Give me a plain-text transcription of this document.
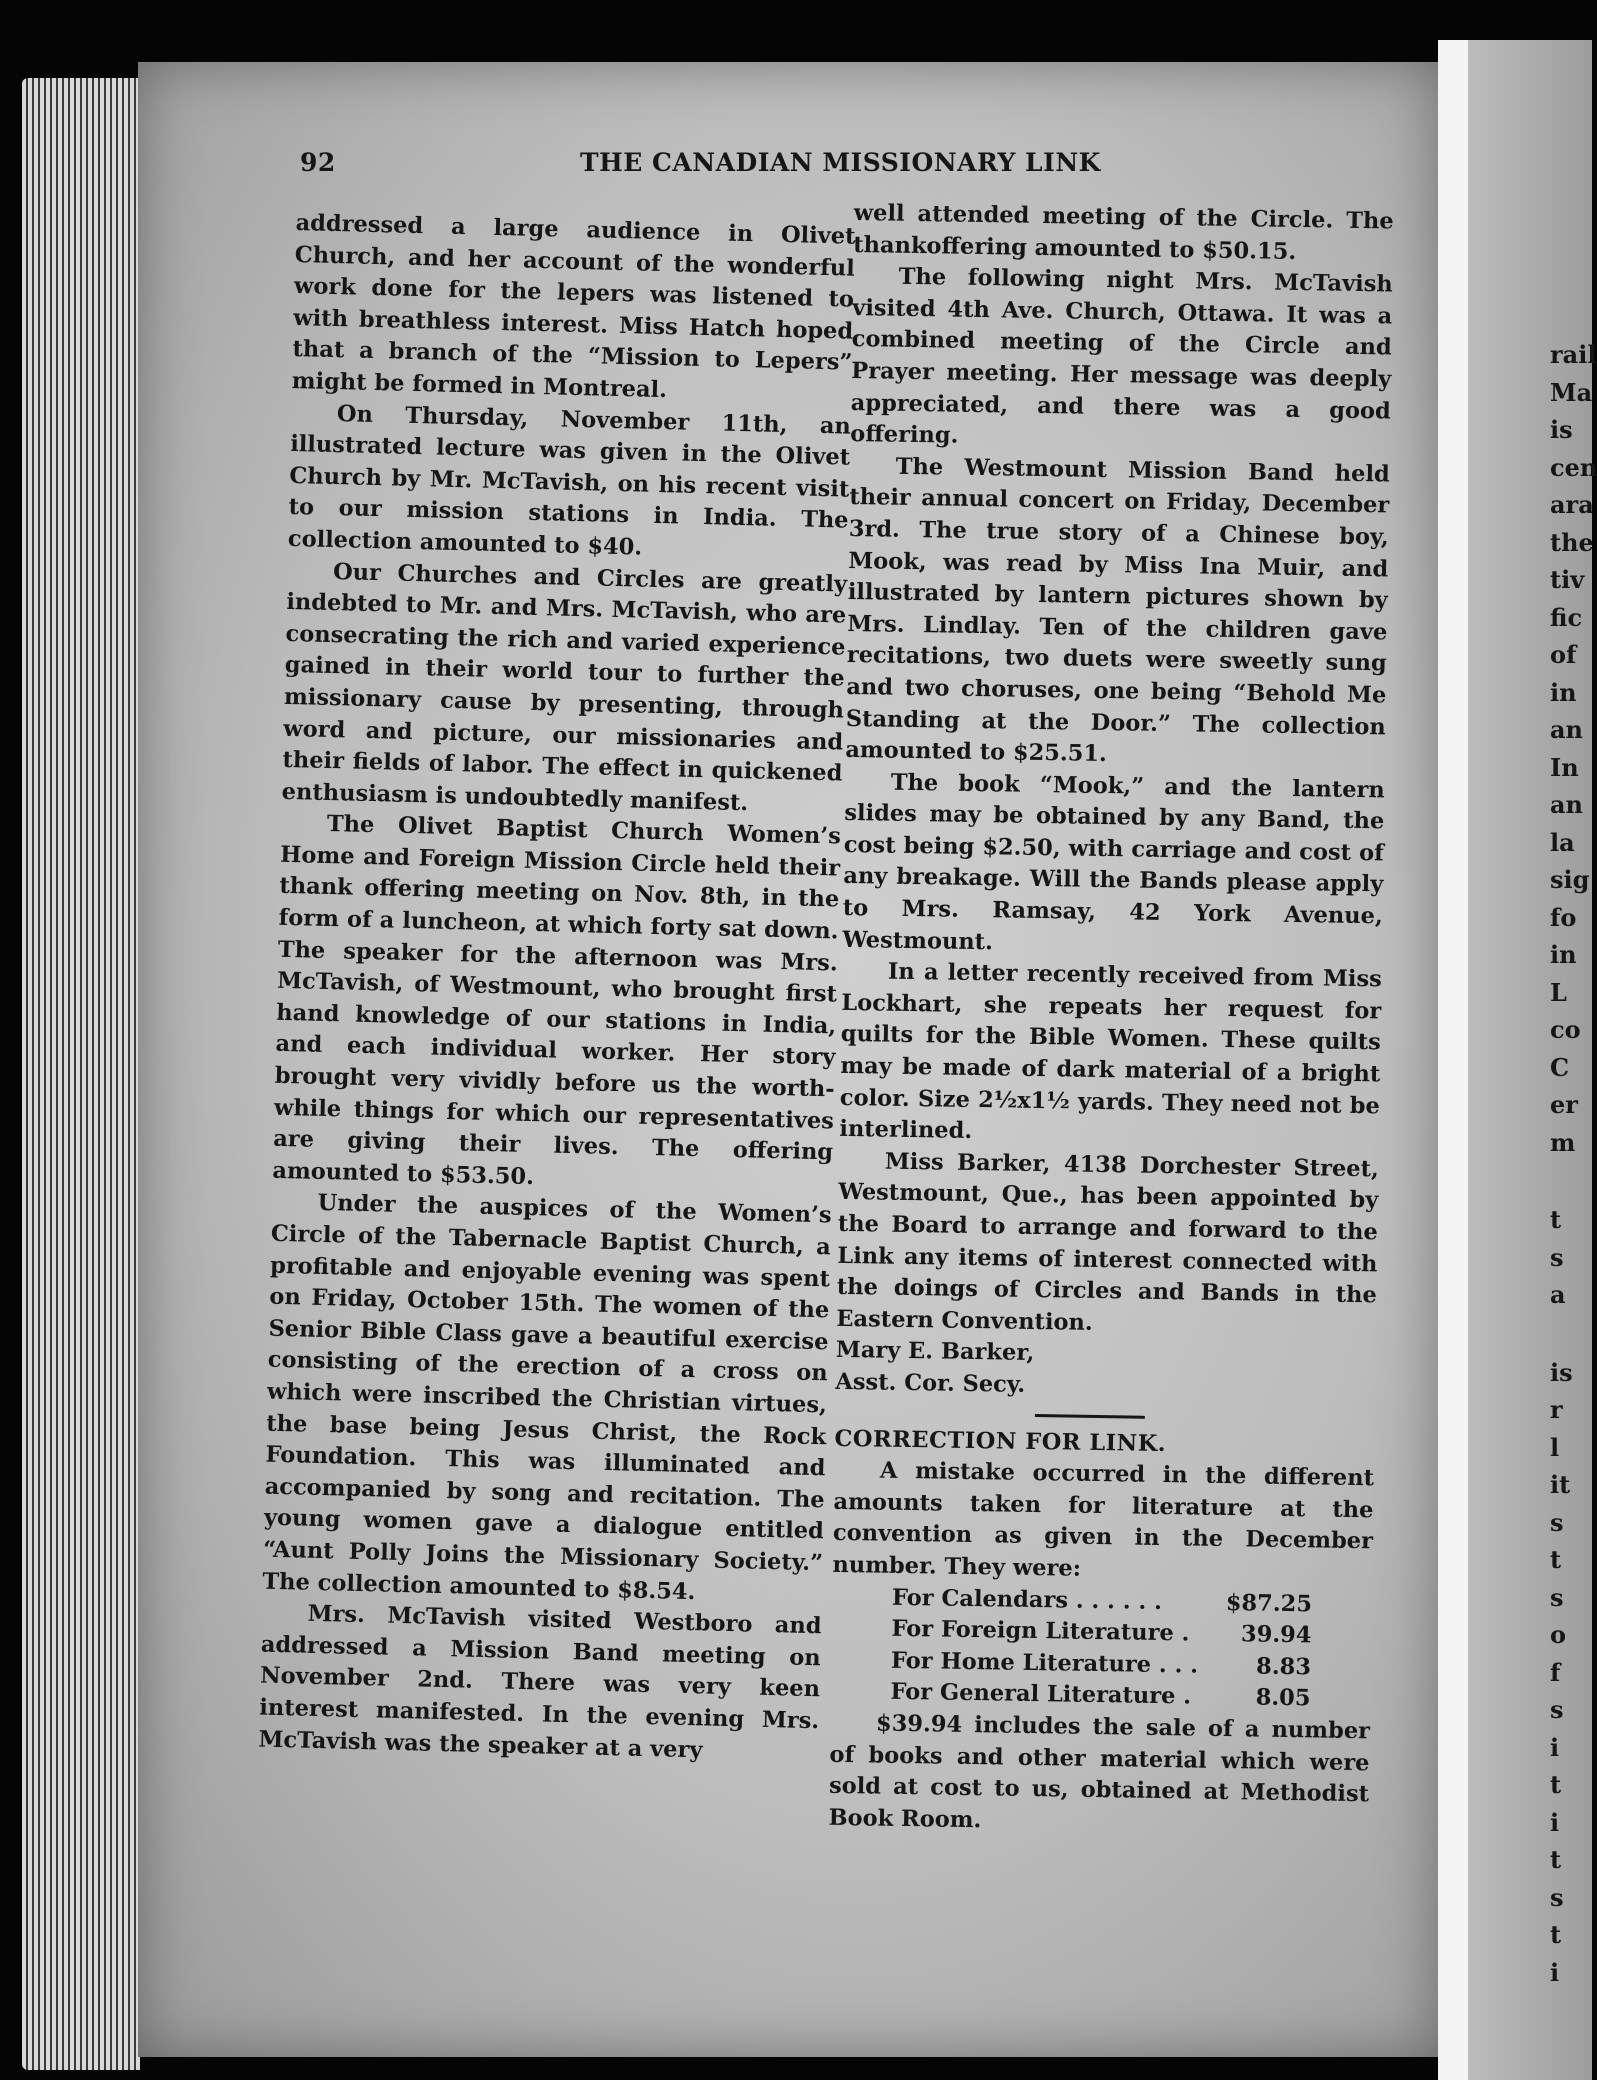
92	THE CANADIAN MISSIONARY LINK

addressed a large audience in Olivet Church, and her account of the wonderful work done for the lepers was listened to with breathless interest. Miss Hatch hoped that a branch of the “Mission to Lepers” might be formed in Montreal.

On Thursday, November 11th, an illustrated lecture was given in the Olivet Church by Mr. McTavish, on his recent visit to our mission stations in India. The collection amounted to $40.

Our Churches and Circles are greatly indebted to Mr. and Mrs. McTavish, who are consecrating the rich and varied experience gained in their world tour to further the missionary cause by presenting, through word and picture, our missionaries and their fields of labor. The effect in quickened enthusiasm is undoubtedly manifest.

The Olivet Baptist Church Women’s Home and Foreign Mission Circle held their thank offering meeting on Nov. 8th, in the form of a luncheon, at which forty sat down. The speaker for the afternoon was Mrs. McTavish, of Westmount, who brought first hand knowledge of our stations in India, and each individual worker. Her story brought very vividly before us the worth-while things for which our representatives are giving their lives. The offering amounted to $53.50.

Under the auspices of the Women’s Circle of the Tabernacle Baptist Church, a profitable and enjoyable evening was spent on Friday, October 15th. The women of the Senior Bible Class gave a beautiful exercise consisting of the erection of a cross on which were inscribed the Christian virtues, the base being Jesus Christ, the Rock Foundation. This was illuminated and accompanied by song and recitation. The young women gave a dialogue entitled “Aunt Polly Joins the Missionary Society.” The collection amounted to $8.54.

Mrs. McTavish visited Westboro and addressed a Mission Band meeting on November 2nd. There was very keen interest manifested. In the evening Mrs. McTavish was the speaker at a very

well attended meeting of the Circle. The thankoffering amounted to $50.15.

The following night Mrs. McTavish visited 4th Ave. Church, Ottawa. It was a combined meeting of the Circle and Prayer meeting. Her message was deeply appreciated, and there was a good offering.

The Westmount Mission Band held their annual concert on Friday, December 3rd. The true story of a Chinese boy, Mook, was read by Miss Ina Muir, and illustrated by lantern pictures shown by Mrs. Lindlay. Ten of the children gave recitations, two duets were sweetly sung and two choruses, one being “Behold Me Standing at the Door.” The collection amounted to $25.51.

The book “Mook,” and the lantern slides may be obtained by any Band, the cost being $2.50, with carriage and cost of any breakage. Will the Bands please apply to Mrs. Ramsay, 42 York Avenue, Westmount.

In a letter recently received from Miss Lockhart, she repeats her request for quilts for the Bible Women. These quilts may be made of dark material of a bright color. Size 2½x1½ yards. They need not be interlined.

Miss Barker, 4138 Dorchester Street, Westmount, Que., has been appointed by the Board to arrange and forward to the Link any items of interest connected with the doings of Circles and Bands in the Eastern Convention.

Mary E. Barker,

Asst. Cor. Secy.

CORRECTION FOR LINK.

A mistake occurred in the different amounts taken for literature at the convention as given in the December number. They were:

For Calendars . . . . . .	$87.25
For Foreign Literature .	39.94
For Home Literature . . .	8.83
For General Literature .	8.05

$39.94 includes the sale of a number of books and other material which were sold at cost to us, obtained at Methodist Book Room.

rail
Ma
is
cen
ara
the
tiv
fic
of
in
an
In
an
la
sig
fo
in
L
co
C
er
m
t
s
a
is
r
l
it
s
t
s
o
f
s
i
t
i
t
s
t
i
